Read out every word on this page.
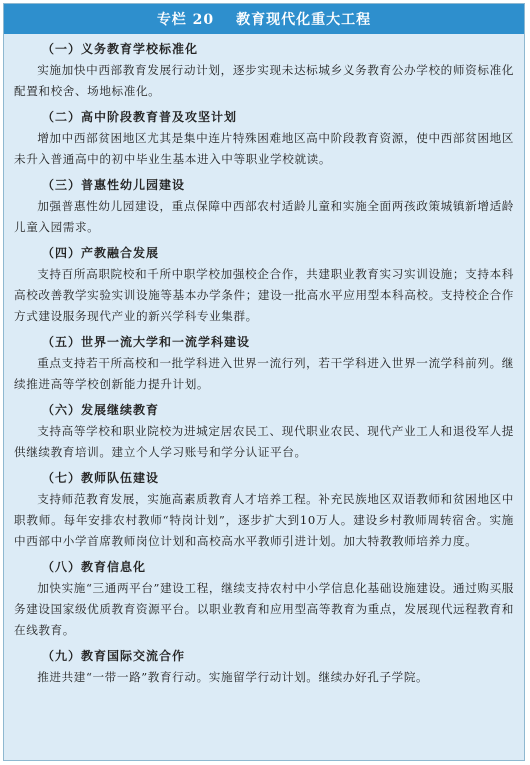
专栏 20 教育现代化重大工程
（一）义务教育学校标准化

实施加快中西部教育发展行动计划，逐步实现未达标城乡义务教育公办学校的师资标准化配置和校舍、场地标准化。

（二）高中阶段教育普及攻坚计划

增加中西部贫困地区尤其是集中连片特殊困难地区高中阶段教育资源，使中西部贫困地区未升入普通高中的初中毕业生基本进入中等职业学校就读。

（三）普惠性幼儿园建设

加强普惠性幼儿园建设，重点保障中西部农村适龄儿童和实施全面两孩政策城镇新增适龄儿童入园需求。

（四）产教融合发展

支持百所高职院校和千所中职学校加强校企合作，共建职业教育实习实训设施；支持本科高校改善教学实验实训设施等基本办学条件；建设一批高水平应用型本科高校。支持校企合作方式建设服务现代产业的新兴学科专业集群。

（五）世界一流大学和一流学科建设

重点支持若干所高校和一批学科进入世界一流行列，若干学科进入世界一流学科前列。继续推进高等学校创新能力提升计划。

（六）发展继续教育

支持高等学校和职业院校为进城定居农民工、现代职业农民、现代产业工人和退役军人提供继续教育培训。建立个人学习账号和学分认证平台。

（七）教师队伍建设

支持师范教育发展，实施高素质教育人才培养工程。补充民族地区双语教师和贫困地区中职教师。每年安排农村教师“特岗计划”，逐步扩大到10万人。建设乡村教师周转宿舍。实施中西部中小学首席教师岗位计划和高校高水平教师引进计划。加大特教教师培养力度。

（八）教育信息化

加快实施“三通两平台”建设工程，继续支持农村中小学信息化基础设施建设。通过购买服务建设国家级优质教育资源平台。以职业教育和应用型高等教育为重点，发展现代远程教育和在线教育。

（九）教育国际交流合作

推进共建“一带一路”教育行动。实施留学行动计划。继续办好孔子学院。
